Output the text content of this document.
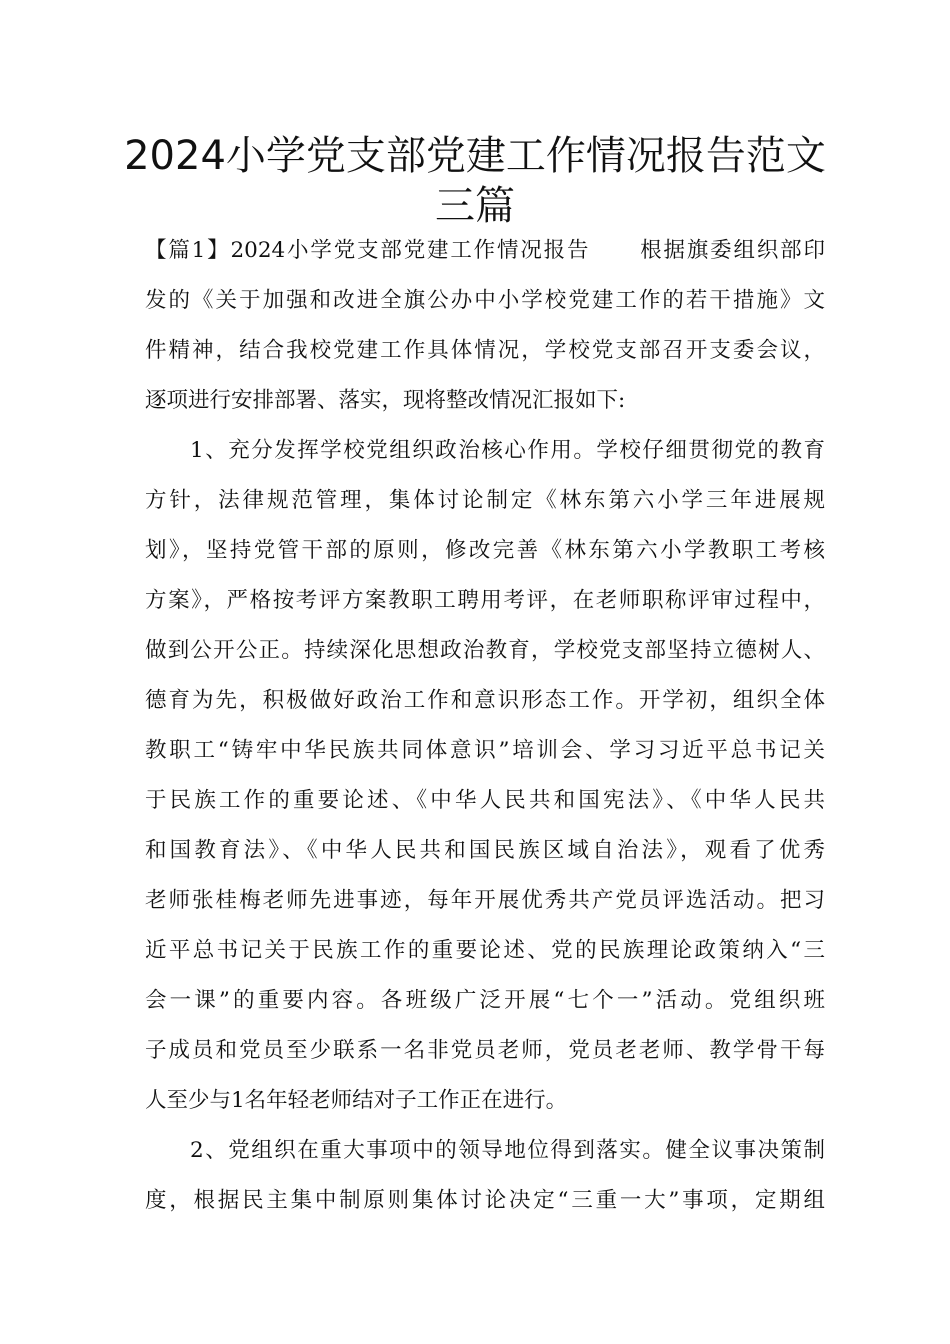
2024小学党支部党建工作情况报告范文
三篇
【篇1】2024小学党支部党建工作情况报告 根据旗委组织部印
发的《关于加强和改进全旗公办中小学校党建工作的若干措施》文
件精神，结合我校党建工作具体情况，学校党支部召开支委会议，
逐项进行安排部署、落实，现将整改情况汇报如下:
1、充分发挥学校党组织政治核心作用。学校仔细贯彻党的教育
方针，法律规范管理，集体讨论制定《林东第六小学三年进展规
划》，坚持党管干部的原则，修改完善《林东第六小学教职工考核
方案》，严格按考评方案教职工聘用考评，在老师职称评审过程中，
做到公开公正。持续深化思想政治教育，学校党支部坚持立德树人、
德育为先，积极做好政治工作和意识形态工作。开学初，组织全体
教职工“铸牢中华民族共同体意识”培训会、学习习近平总书记关
于民族工作的重要论述、《中华人民共和国宪法》、《中华人民共
和国教育法》、《中华人民共和国民族区域自治法》，观看了优秀
老师张桂梅老师先进事迹，每年开展优秀共产党员评选活动。把习
近平总书记关于民族工作的重要论述、党的民族理论政策纳入“三
会一课”的重要内容。各班级广泛开展“七个一”活动。党组织班
子成员和党员至少联系一名非党员老师，党员老老师、教学骨干每
人至少与1名年轻老师结对子工作正在进行。
2、党组织在重大事项中的领导地位得到落实。健全议事决策制
度，根据民主集中制原则集体讨论决定“三重一大”事项，定期组
